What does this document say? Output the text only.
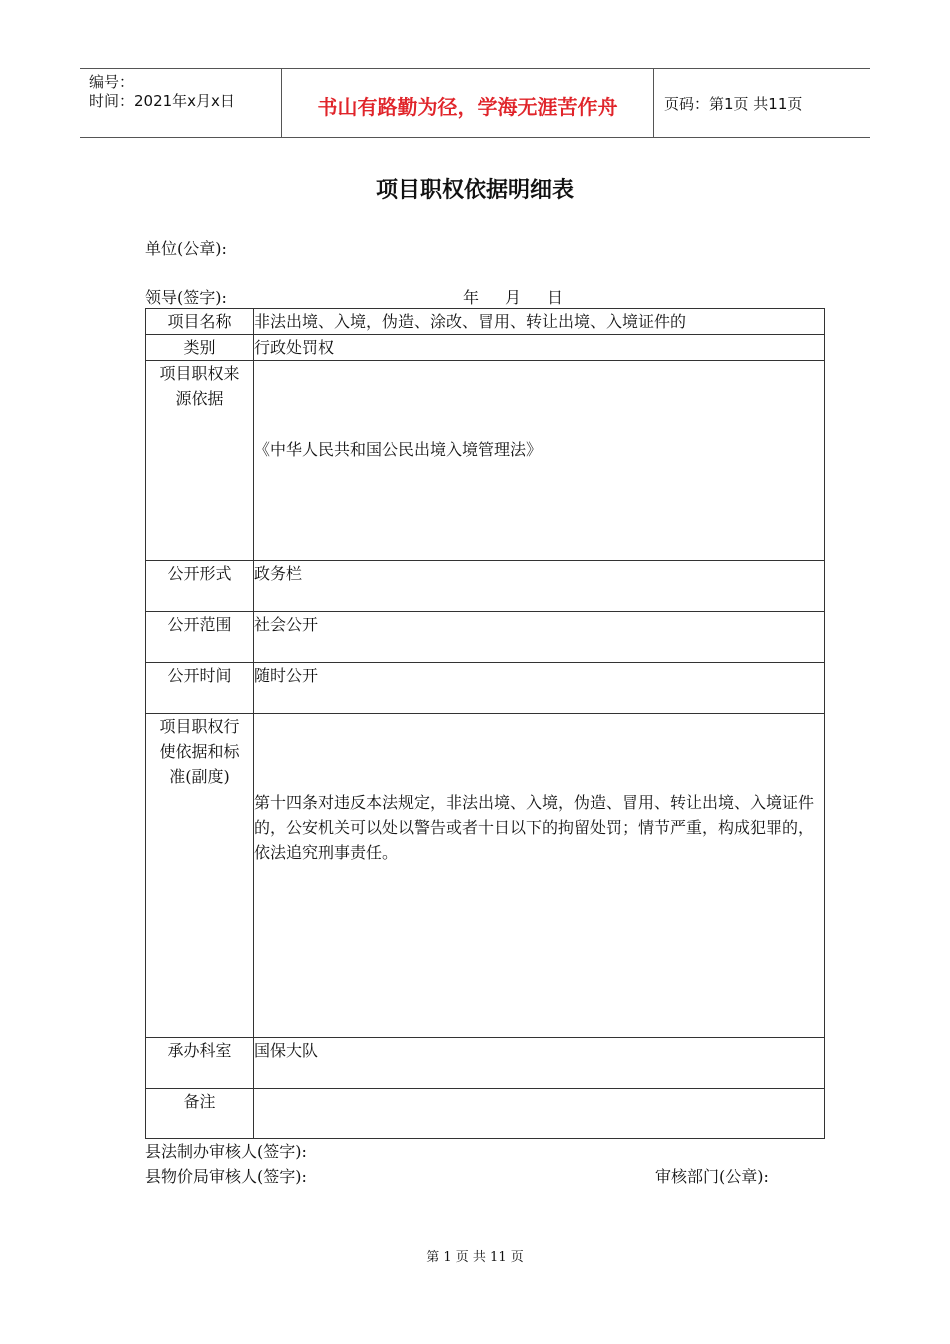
编号：
时间：2021年x月x日	书山有路勤为径，学海无涯苦作舟	页码：第1页 共11页
项目职权依据明细表
单位(公章):
领导(签字):	年 月 日
项目名称	非法出境、入境，伪造、涂改、冒用、转让出境、入境证件的
类别	行政处罚权
项目职权来源依据	《中华人民共和国公民出境入境管理法》
公开形式	政务栏
公开范围	社会公开
公开时间	随时公开
项目职权行使依据和标准(副度)	第十四条对违反本法规定，非法出境、入境，伪造、冒用、转让出境、入境证件的，公安机关可以处以警告或者十日以下的拘留处罚；情节严重，构成犯罪的，依法追究刑事责任。
承办科室	国保大队
备注	
县法制办审核人(签字):
县物价局审核人(签字):	审核部门(公章):
第 1 页 共 11 页
